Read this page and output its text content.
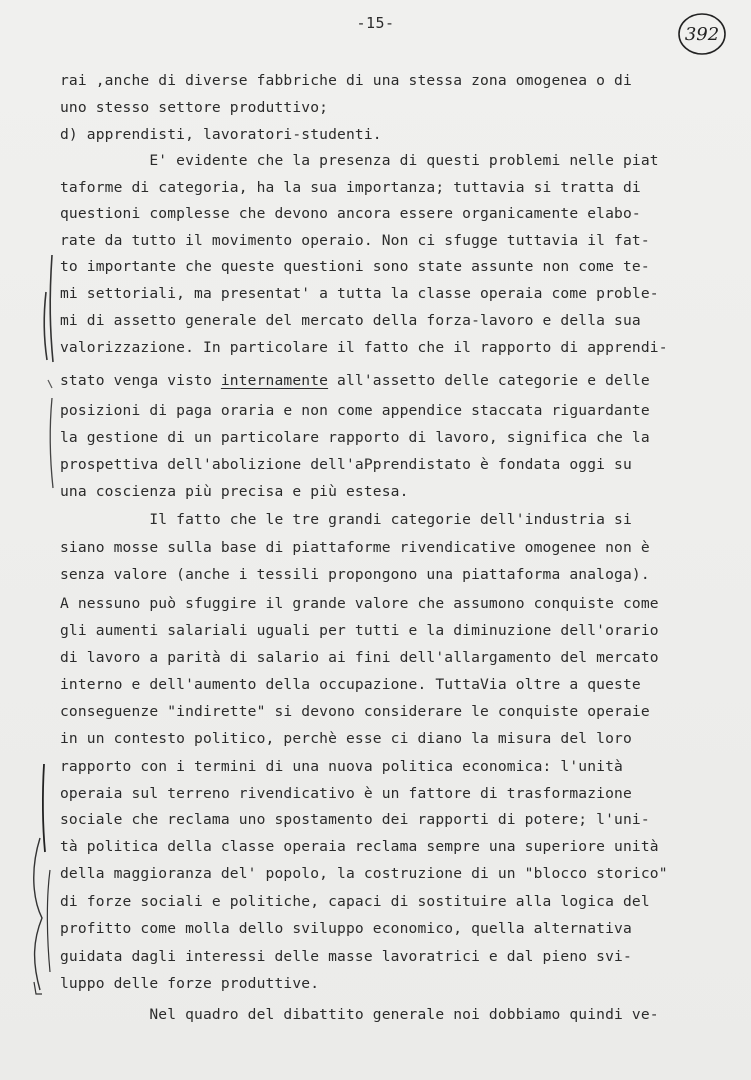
-15-
392
rai ,anche di diverse fabbriche di una stessa zona omogenea o di
uno stesso settore produttivo;
d) apprendisti, lavoratori-studenti.
E' evidente che la presenza di questi problemi nelle piat
taforme di categoria, ha la sua importanza; tuttavia si tratta di
questioni complesse che devono ancora essere organicamente elabo-
rate da tutto il movimento operaio. Non ci sfugge tuttavia il fat-
to importante che queste questioni sono state assunte non come te-
mi settoriali, ma presentat' a tutta la classe operaia come proble-
mi di assetto generale del mercato della forza-lavoro e della sua
valorizzazione. In particolare il fatto che il rapporto di apprendi-
stato venga visto internamente all'assetto delle categorie e delle
posizioni di paga oraria e non come appendice staccata riguardante
la gestione di un particolare rapporto di lavoro, significa che la
prospettiva dell'abolizione dell'aPprendistato è fondata oggi su
una coscienza più precisa e più estesa.
Il fatto che le tre grandi categorie dell'industria si
siano mosse sulla base di piattaforme rivendicative omogenee non è
senza valore (anche i tessili propongono una piattaforma analoga).
A nessuno può sfuggire il grande valore che assumono conquiste come
gli aumenti salariali uguali per tutti e la diminuzione dell'orario
di lavoro a parità di salario ai fini dell'allargamento del mercato
interno e dell'aumento della occupazione. TuttaVia oltre a queste
conseguenze "indirette" si devono considerare le conquiste operaie
in un contesto politico, perchè esse ci diano la misura del loro
rapporto con i termini di una nuova politica economica: l'unità
operaia sul terreno rivendicativo è un fattore di trasformazione
sociale che reclama uno spostamento dei rapporti di potere; l'uni-
tà politica della classe operaia reclama sempre una superiore unità
della maggioranza del' popolo, la costruzione di un "blocco storico"
di forze sociali e politiche, capaci di sostituire alla logica del
profitto come molla dello sviluppo economico, quella alternativa
guidata dagli interessi delle masse lavoratrici e dal pieno svi-
luppo delle forze produttive.
Nel quadro del dibattito generale noi dobbiamo quindi ve-
